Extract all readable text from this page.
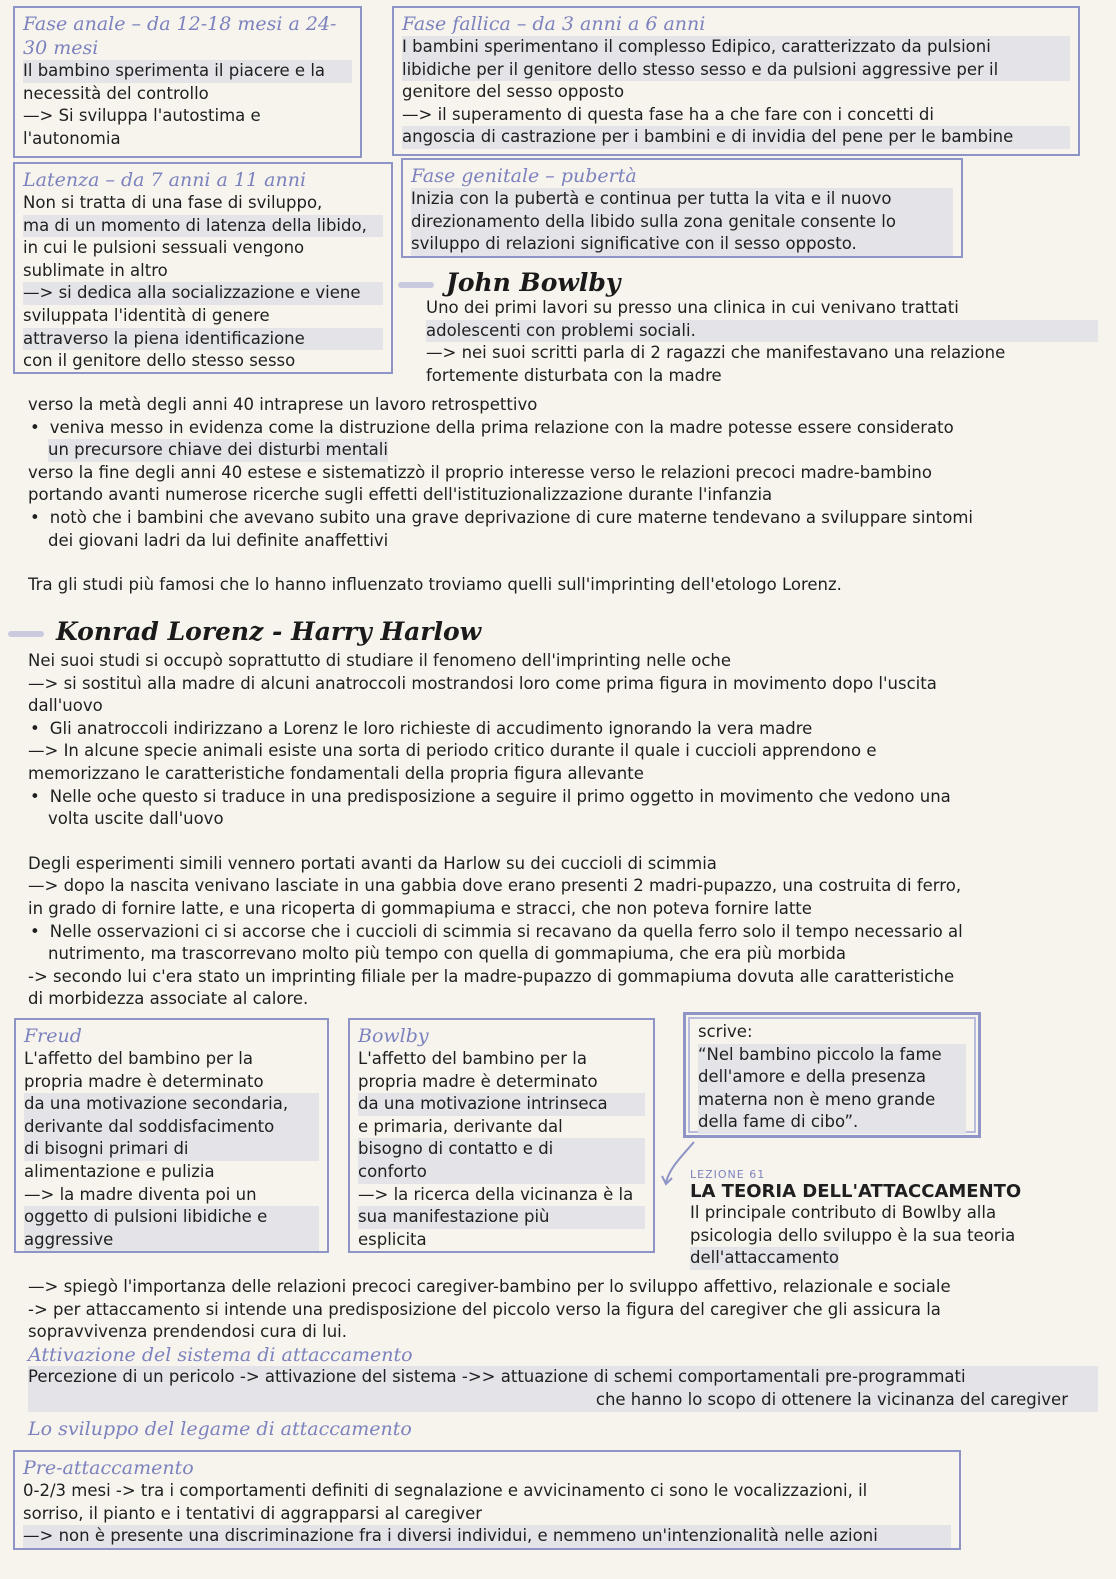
Fase anale – da 12-18 mesi a 24-30 mesi
Il bambino sperimenta il piacere e la
necessità del controllo
—> Si sviluppa l'autostima e
l'autonomia
Fase fallica – da 3 anni a 6 anni
I bambini sperimentano il complesso Edipico, caratterizzato da pulsioni
libidiche per il genitore dello stesso sesso e da pulsioni aggressive per il
genitore del sesso opposto
—> il superamento di questa fase ha a che fare con i concetti di
angoscia di castrazione per i bambini e di invidia del pene per le bambine
Latenza – da 7 anni a 11 anni
Non si tratta di una fase di sviluppo,
ma di un momento di latenza della libido,
in cui le pulsioni sessuali vengono
sublimate in altro
—> si dedica alla socializzazione e viene
sviluppata l'identità di genere
attraverso la piena identificazione
con il genitore dello stesso sesso
Fase genitale – pubertà
Inizia con la pubertà e continua per tutta la vita e il nuovo
direzionamento della libido sulla zona genitale consente lo
sviluppo di relazioni significative con il sesso opposto.
John Bowlby
Uno dei primi lavori su presso una clinica in cui venivano trattati
adolescenti con problemi sociali.
—> nei suoi scritti parla di 2 ragazzi che manifestavano una relazione
fortemente disturbata con la madre
verso la metà degli anni 40 intraprese un lavoro retrospettivo
• veniva messo in evidenza come la distruzione della prima relazione con la madre potesse essere considerato
un precursore chiave dei disturbi mentali
verso la fine degli anni 40 estese e sistematizzò il proprio interesse verso le relazioni precoci madre-bambino
portando avanti numerose ricerche sugli effetti dell'istituzionalizzazione durante l'infanzia
• notò che i bambini che avevano subito una grave deprivazione di cure materne tendevano a sviluppare sintomi
dei giovani ladri da lui definite anaffettivi
Tra gli studi più famosi che lo hanno influenzato troviamo quelli sull'imprinting dell'etologo Lorenz.
Konrad Lorenz - Harry Harlow
Nei suoi studi si occupò soprattutto di studiare il fenomeno dell'imprinting nelle oche
—> si sostituì alla madre di alcuni anatroccoli mostrandosi loro come prima figura in movimento dopo l'uscita
dall'uovo
• Gli anatroccoli indirizzano a Lorenz le loro richieste di accudimento ignorando la vera madre
—> In alcune specie animali esiste una sorta di periodo critico durante il quale i cuccioli apprendono e
memorizzano le caratteristiche fondamentali della propria figura allevante
• Nelle oche questo si traduce in una predisposizione a seguire il primo oggetto in movimento che vedono una
volta uscite dall'uovo
Degli esperimenti simili vennero portati avanti da Harlow su dei cuccioli di scimmia
—> dopo la nascita venivano lasciate in una gabbia dove erano presenti 2 madri-pupazzo, una costruita di ferro,
in grado di fornire latte, e una ricoperta di gommapiuma e stracci, che non poteva fornire latte
• Nelle osservazioni ci si accorse che i cuccioli di scimmia si recavano da quella ferro solo il tempo necessario al
nutrimento, ma trascorrevano molto più tempo con quella di gommapiuma, che era più morbida
-> secondo lui c'era stato un imprinting filiale per la madre-pupazzo di gommapiuma dovuta alle caratteristiche
di morbidezza associate al calore.
Freud
L'affetto del bambino per la
propria madre è determinato
da una motivazione secondaria,
derivante dal soddisfacimento
di bisogni primari di
alimentazione e pulizia
—> la madre diventa poi un
oggetto di pulsioni libidiche e
aggressive
Bowlby
L'affetto del bambino per la
propria madre è determinato
da una motivazione intrinseca
e primaria, derivante dal
bisogno di contatto e di
conforto
—> la ricerca della vicinanza è la
sua manifestazione più
esplicita
scrive:
“Nel bambino piccolo la fame
dell'amore e della presenza
materna non è meno grande
della fame di cibo”.
LEZIONE 61
LA TEORIA DELL'ATTACCAMENTO
Il principale contributo di Bowlby alla
psicologia dello sviluppo è la sua teoria
dell'attaccamento
—> spiegò l'importanza delle relazioni precoci caregiver-bambino per lo sviluppo affettivo, relazionale e sociale
-> per attaccamento si intende una predisposizione del piccolo verso la figura del caregiver che gli assicura la
sopravvivenza prendendosi cura di lui.
Attivazione del sistema di attaccamento
Percezione di un pericolo -> attivazione del sistema ->> attuazione di schemi comportamentali pre-programmati
che hanno lo scopo di ottenere la vicinanza del caregiver
Lo sviluppo del legame di attaccamento
Pre-attaccamento
0-2/3 mesi -> tra i comportamenti definiti di segnalazione e avvicinamento ci sono le vocalizzazioni, il
sorriso, il pianto e i tentativi di aggrapparsi al caregiver
—> non è presente una discriminazione fra i diversi individui, e nemmeno un'intenzionalità nelle azioni
